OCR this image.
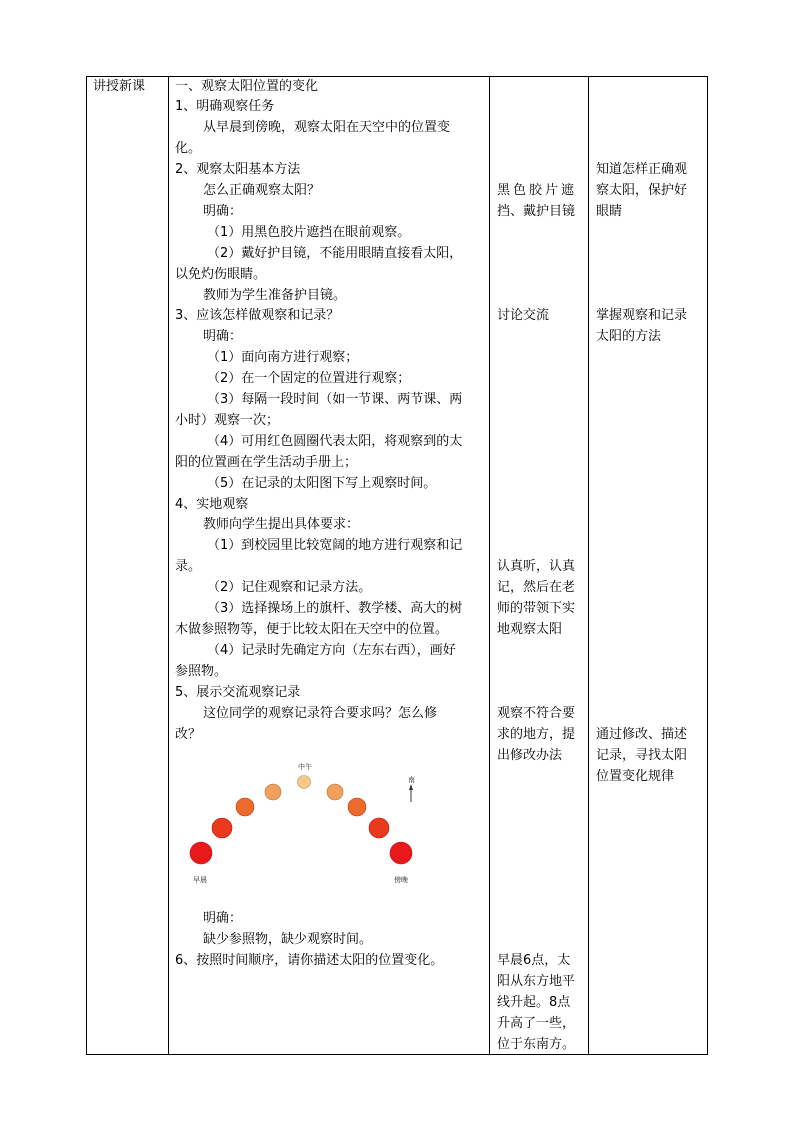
讲授新课 一、观察太阳位置的变化
1、明确观察任务
从早晨到傍晚，观察太阳在天空中的位置变
化。
2、观察太阳基本方法
怎么正确观察太阳？
明确：
（1）用黑色胶片遮挡在眼前观察。
（2）戴好护目镜，不能用眼睛直接看太阳，
以免灼伤眼睛。
教师为学生准备护目镜。
3、应该怎样做观察和记录？
明确：
（1）面向南方进行观察；
（2）在一个固定的位置进行观察；
（3）每隔一段时间（如一节课、两节课、两
小时）观察一次；
（4）可用红色圆圈代表太阳，将观察到的太
阳的位置画在学生活动手册上；
（5）在记录的太阳图下写上观察时间。
4、实地观察
教师向学生提出具体要求：
（1）到校园里比较宽阔的地方进行观察和记
录。
（2）记住观察和记录方法。
（3）选择操场上的旗杆、教学楼、高大的树
木做参照物等，便于比较太阳在天空中的位置。
（4）记录时先确定方向（左东右西），画好
参照物。
5、展示交流观察记录
这位同学的观察记录符合要求吗？怎么修
改？
中午
南
早晨	傍晚
明确：
缺少参照物，缺少观察时间。
6、按照时间顺序，请你描述太阳的位置变化。
黑色胶片遮
挡、戴护目镜
讨论交流
认真听，认真
记，然后在老
师的带领下实
地观察太阳
观察不符合要
求的地方，提
出修改办法
早晨6点，太
阳从东方地平
线升起。8点
升高了一些，
位于东南方。
知道怎样正确观
察太阳，保护好
眼睛
掌握观察和记录
太阳的方法
通过修改、描述
记录，寻找太阳
位置变化规律
